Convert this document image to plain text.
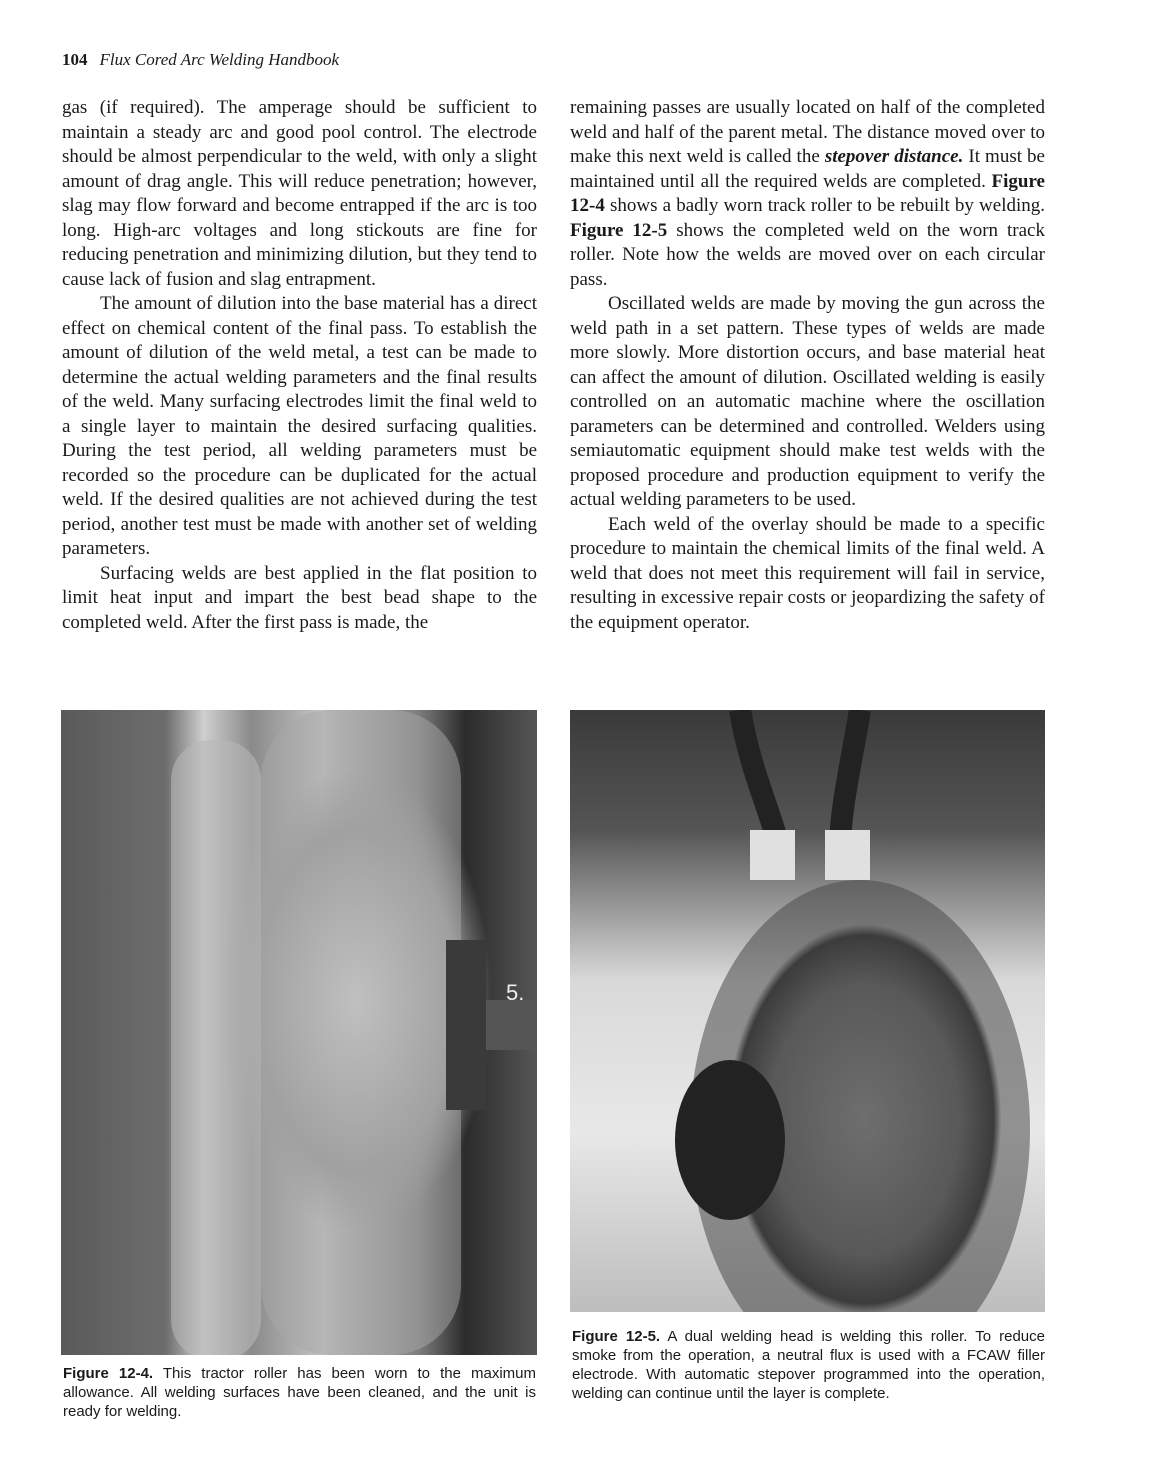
104 Flux Cored Arc Welding Handbook

gas (if required). The amperage should be sufficient to maintain a steady arc and good pool control. The electrode should be almost perpendicular to the weld, with only a slight amount of drag angle. This will reduce penetration; however, slag may flow forward and become entrapped if the arc is too long. High-arc voltages and long stickouts are fine for reducing penetration and minimizing dilution, but they tend to cause lack of fusion and slag entrapment.

The amount of dilution into the base material has a direct effect on chemical content of the final pass. To establish the amount of dilution of the weld metal, a test can be made to determine the actual welding parameters and the final results of the weld. Many surfacing electrodes limit the final weld to a single layer to maintain the desired surfacing qualities. During the test period, all welding parameters must be recorded so the procedure can be duplicated for the actual weld. If the desired qualities are not achieved during the test period, another test must be made with another set of welding parameters.

Surfacing welds are best applied in the flat position to limit heat input and impart the best bead shape to the completed weld. After the first pass is made, the

remaining passes are usually located on half of the completed weld and half of the parent metal. The distance moved over to make this next weld is called the stepover distance. It must be maintained until all the required welds are completed. Figure 12-4 shows a badly worn track roller to be rebuilt by welding. Figure 12-5 shows the completed weld on the worn track roller. Note how the welds are moved over on each circular pass.

Oscillated welds are made by moving the gun across the weld path in a set pattern. These types of welds are made more slowly. More distortion occurs, and base material heat can affect the amount of dilution. Oscillated welding is easily controlled on an automatic machine where the oscillation parameters can be determined and controlled. Welders using semiautomatic equipment should make test welds with the proposed procedure and production equipment to verify the actual welding parameters to be used.

Each weld of the overlay should be made to a specific procedure to maintain the chemical limits of the final weld. A weld that does not meet this requirement will fail in service, resulting in excessive repair costs or jeopardizing the safety of the equipment operator.

5.
Figure 12-4. This tractor roller has been worn to the maximum allowance. All welding surfaces have been cleaned, and the unit is ready for welding.
Figure 12-5. A dual welding head is welding this roller. To reduce smoke from the operation, a neutral flux is used with a FCAW filler electrode. With automatic stepover programmed into the operation, welding can continue until the layer is complete.
